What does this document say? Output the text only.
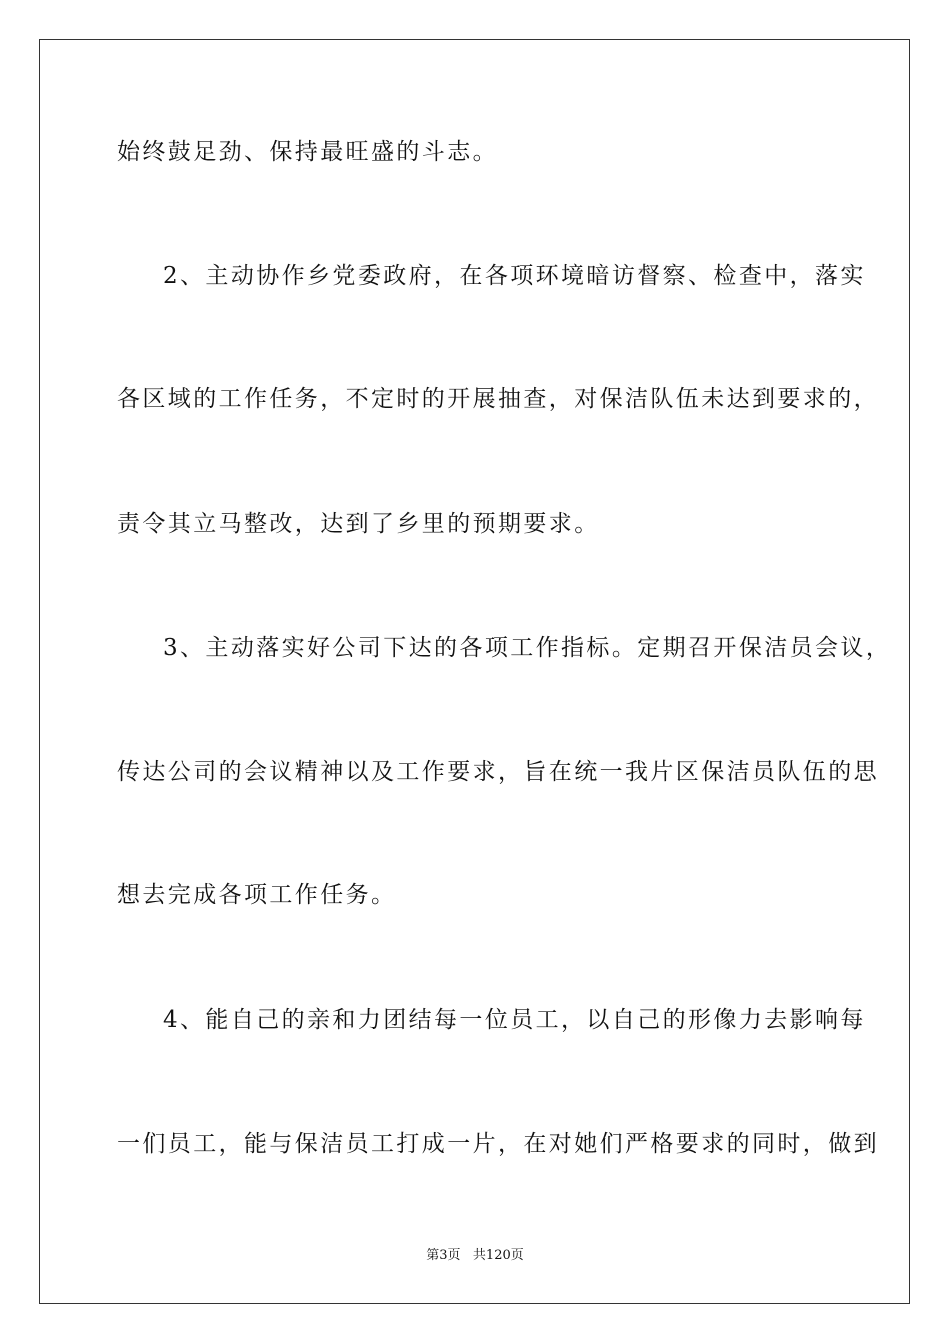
始终鼓足劲、保持最旺盛的斗志。
2、主动协作乡党委政府，在各项环境暗访督察、检查中，落实
各区域的工作任务，不定时的开展抽查，对保洁队伍未达到要求的，
责令其立马整改，达到了乡里的预期要求。
3、主动落实好公司下达的各项工作指标。定期召开保洁员会议，
传达公司的会议精神以及工作要求，旨在统一我片区保洁员队伍的思
想去完成各项工作任务。
4、能自己的亲和力团结每一位员工，以自己的形像力去影响每
一们员工，能与保洁员工打成一片，在对她们严格要求的同时，做到
第3页   共120页
